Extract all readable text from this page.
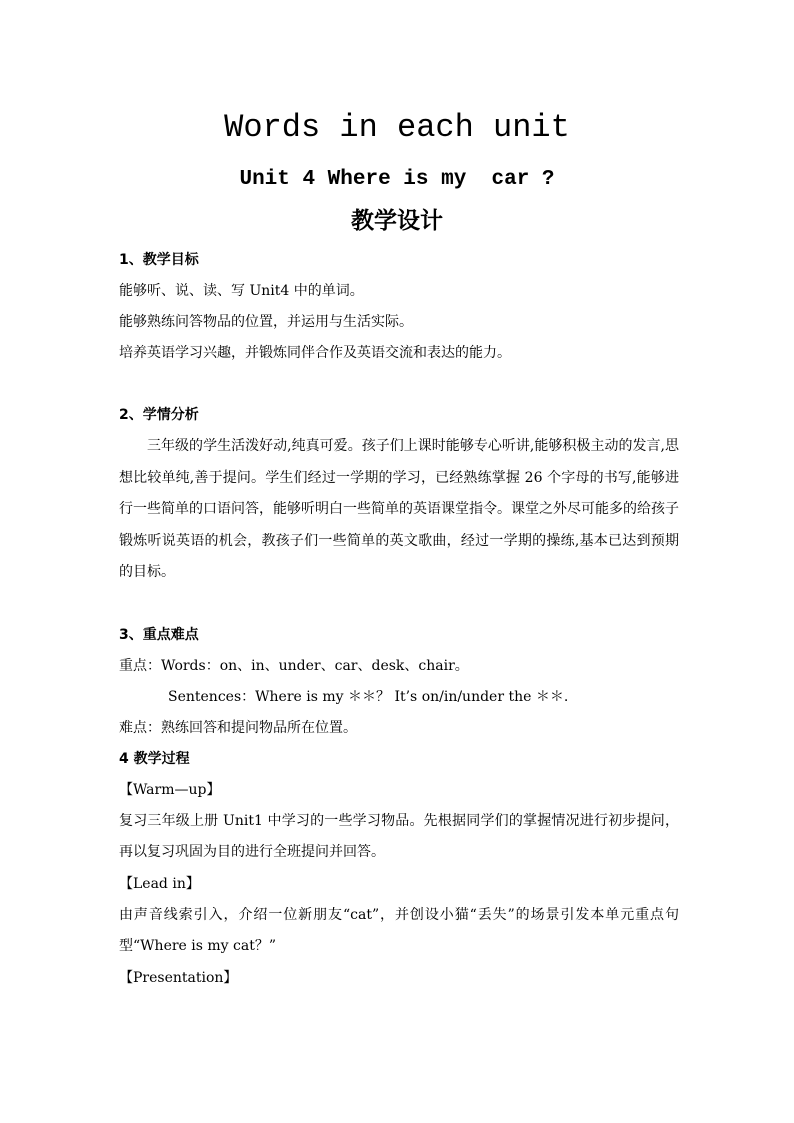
Words in each unit
Unit 4 Where is my  car ?
教学设计
1、教学目标
能够听、说、读、写 Unit4 中的单词。
能够熟练问答物品的位置，并运用与生活实际。
培养英语学习兴趣，并锻炼同伴合作及英语交流和表达的能力。
2、学情分析
三年级的学生活泼好动,纯真可爱。孩子们上课时能够专心听讲,能够积极主动的发言,思想比较单纯,善于提问。学生们经过一学期的学习，已经熟练掌握 26 个字母的书写,能够进行一些简单的口语问答，能够听明白一些简单的英语课堂指令。课堂之外尽可能多的给孩子锻炼听说英语的机会，教孩子们一些简单的英文歌曲，经过一学期的操练,基本已达到预期的目标。
3、重点难点
重点：Words：on、in、under、car、desk、chair。
Sentences：Where is my ＊＊？ It’s on/in/under the ＊＊.
难点：熟练回答和提问物品所在位置。
4 教学过程
【Warm—up】
复习三年级上册 Unit1 中学习的一些学习物品。先根据同学们的掌握情况进行初步提问，再以复习巩固为目的进行全班提问并回答。
【Lead in】
由声音线索引入，介绍一位新朋友“cat”，并创设小猫“丢失”的场景引发本单元重点句型“Where is my cat？”
【Presentation】
